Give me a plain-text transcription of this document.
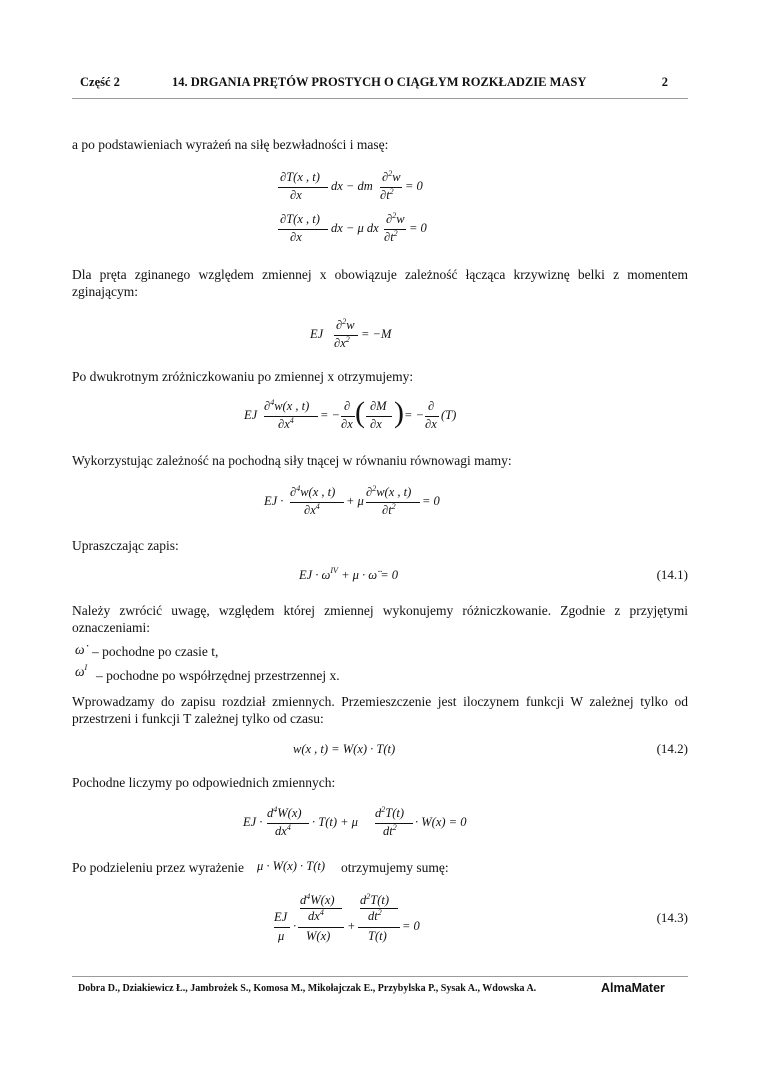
Część 2	14. DRGANIA PRĘTÓW PROSTYCH O CIĄGŁYM ROZKŁADZIE MASY	2
a po podstawieniach wyrażeń na siłę bezwładności i masę:
∂T(x , t)
∂x
dx − dm
∂$^2$w
$\partial t^2 = 0$
∂T(x , t)
∂x
dx − μ dx
∂$^2$w
$\partial t^2 = 0$
Dla pręta zginanego względem zmiennej x obowiązuje zależność łącząca krzywiznę belki z momentem zginającym:
EJ
∂$^2$w
$\partial x^2 = -M$
Po dwukrotnym zróżniczkowaniu po zmiennej x otrzymujemy:
EJ
∂$^4$w(x , t)
$\partial x^4$ = −
∂
∂x ( ∂M
∂x ) = −
∂
∂x
(T)
Wykorzystując zależność na pochodną siły tnącej w równaniu równowagi mamy:
EJ ·
∂$^4$w(x , t)
$\partial x^4 + \mu$
∂$^2$w(x , t)
$\partial t^2 = 0$
Upraszczając zapis:
EJ · $\omega^{IV} + \mu$ · ω̈ = 0	(14.1)
Należy zwrócić uwagę, względem której zmiennej wykonujemy różniczkowanie. Zgodnie z przyjętymi oznaczeniami:
ω̇ – pochodne po czasie t,
$\omega^I$
– pochodne po współrzędnej przestrzennej x.
Wprowadzamy do zapisu rozdział zmiennych. Przemieszczenie jest iloczynem funkcji W zależnej tylko od przestrzeni i funkcji T zależnej tylko od czasu:
w(x , t) = W(x) · T(t)	(14.2)
Pochodne liczymy po odpowiednich zmiennych:
EJ ·
$d^4W(x)$
$dx^4 \cdot T(t) + \mu$
$d^2T(t)$
$dt^2 \cdot W(x) = 0$
Po podzieleniu przez wyrażenie μ · W(x) · T(t) otrzymujemy sumę:
EJ
μ
·
$d^4W(x)$
$dx^4$
W(x)
+
$d^2T(t)$
$dt^2$
T(t)
= 0
(14.3)
Dobra D., Dziakiewicz Ł., Jambrożek S., Komosa M., Mikołajczak E., Przybylska P., Sysak A., Wdowska A.	AlmaMater
